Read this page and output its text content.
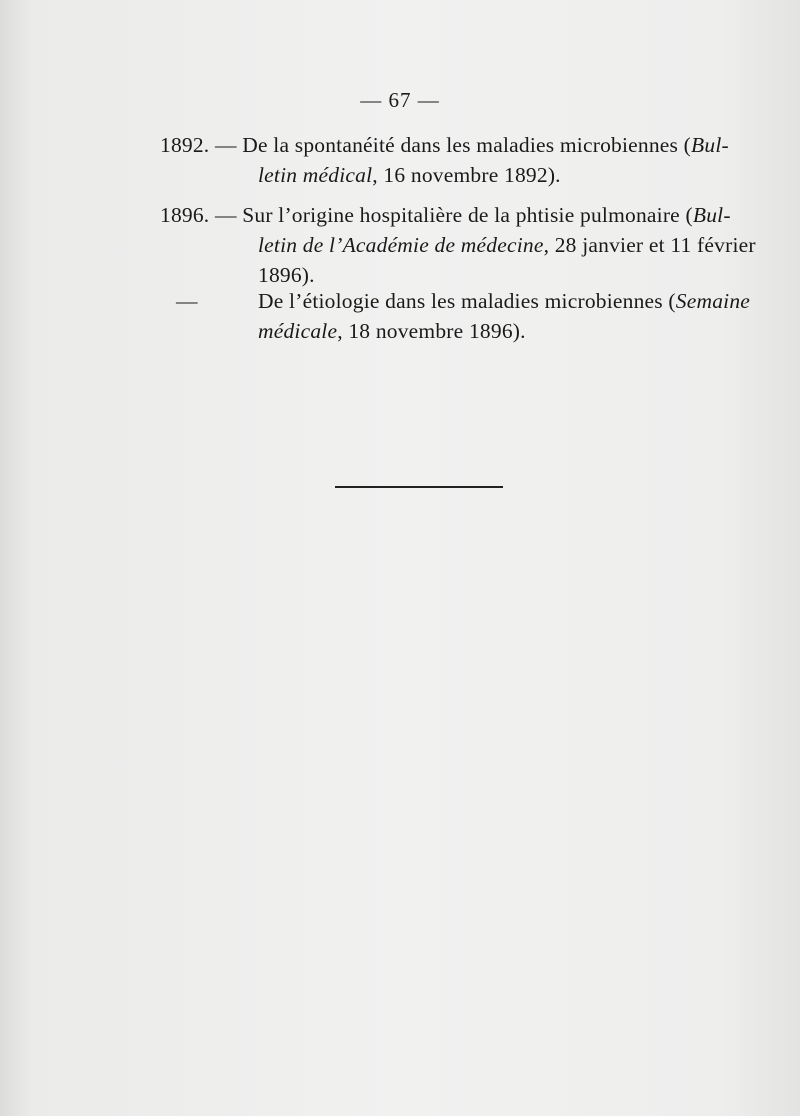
— 67 —
1892. — De la spontanéité dans les maladies microbiennes (Bul-
letin médical, 16 novembre 1892).
1896. — Sur l’origine hospitalière de la phtisie pulmonaire (Bul-
letin de l’Académie de médecine, 28 janvier et 11 février
1896).
—	De l’étiologie dans les maladies microbiennes (Semaine
médicale, 18 novembre 1896).
